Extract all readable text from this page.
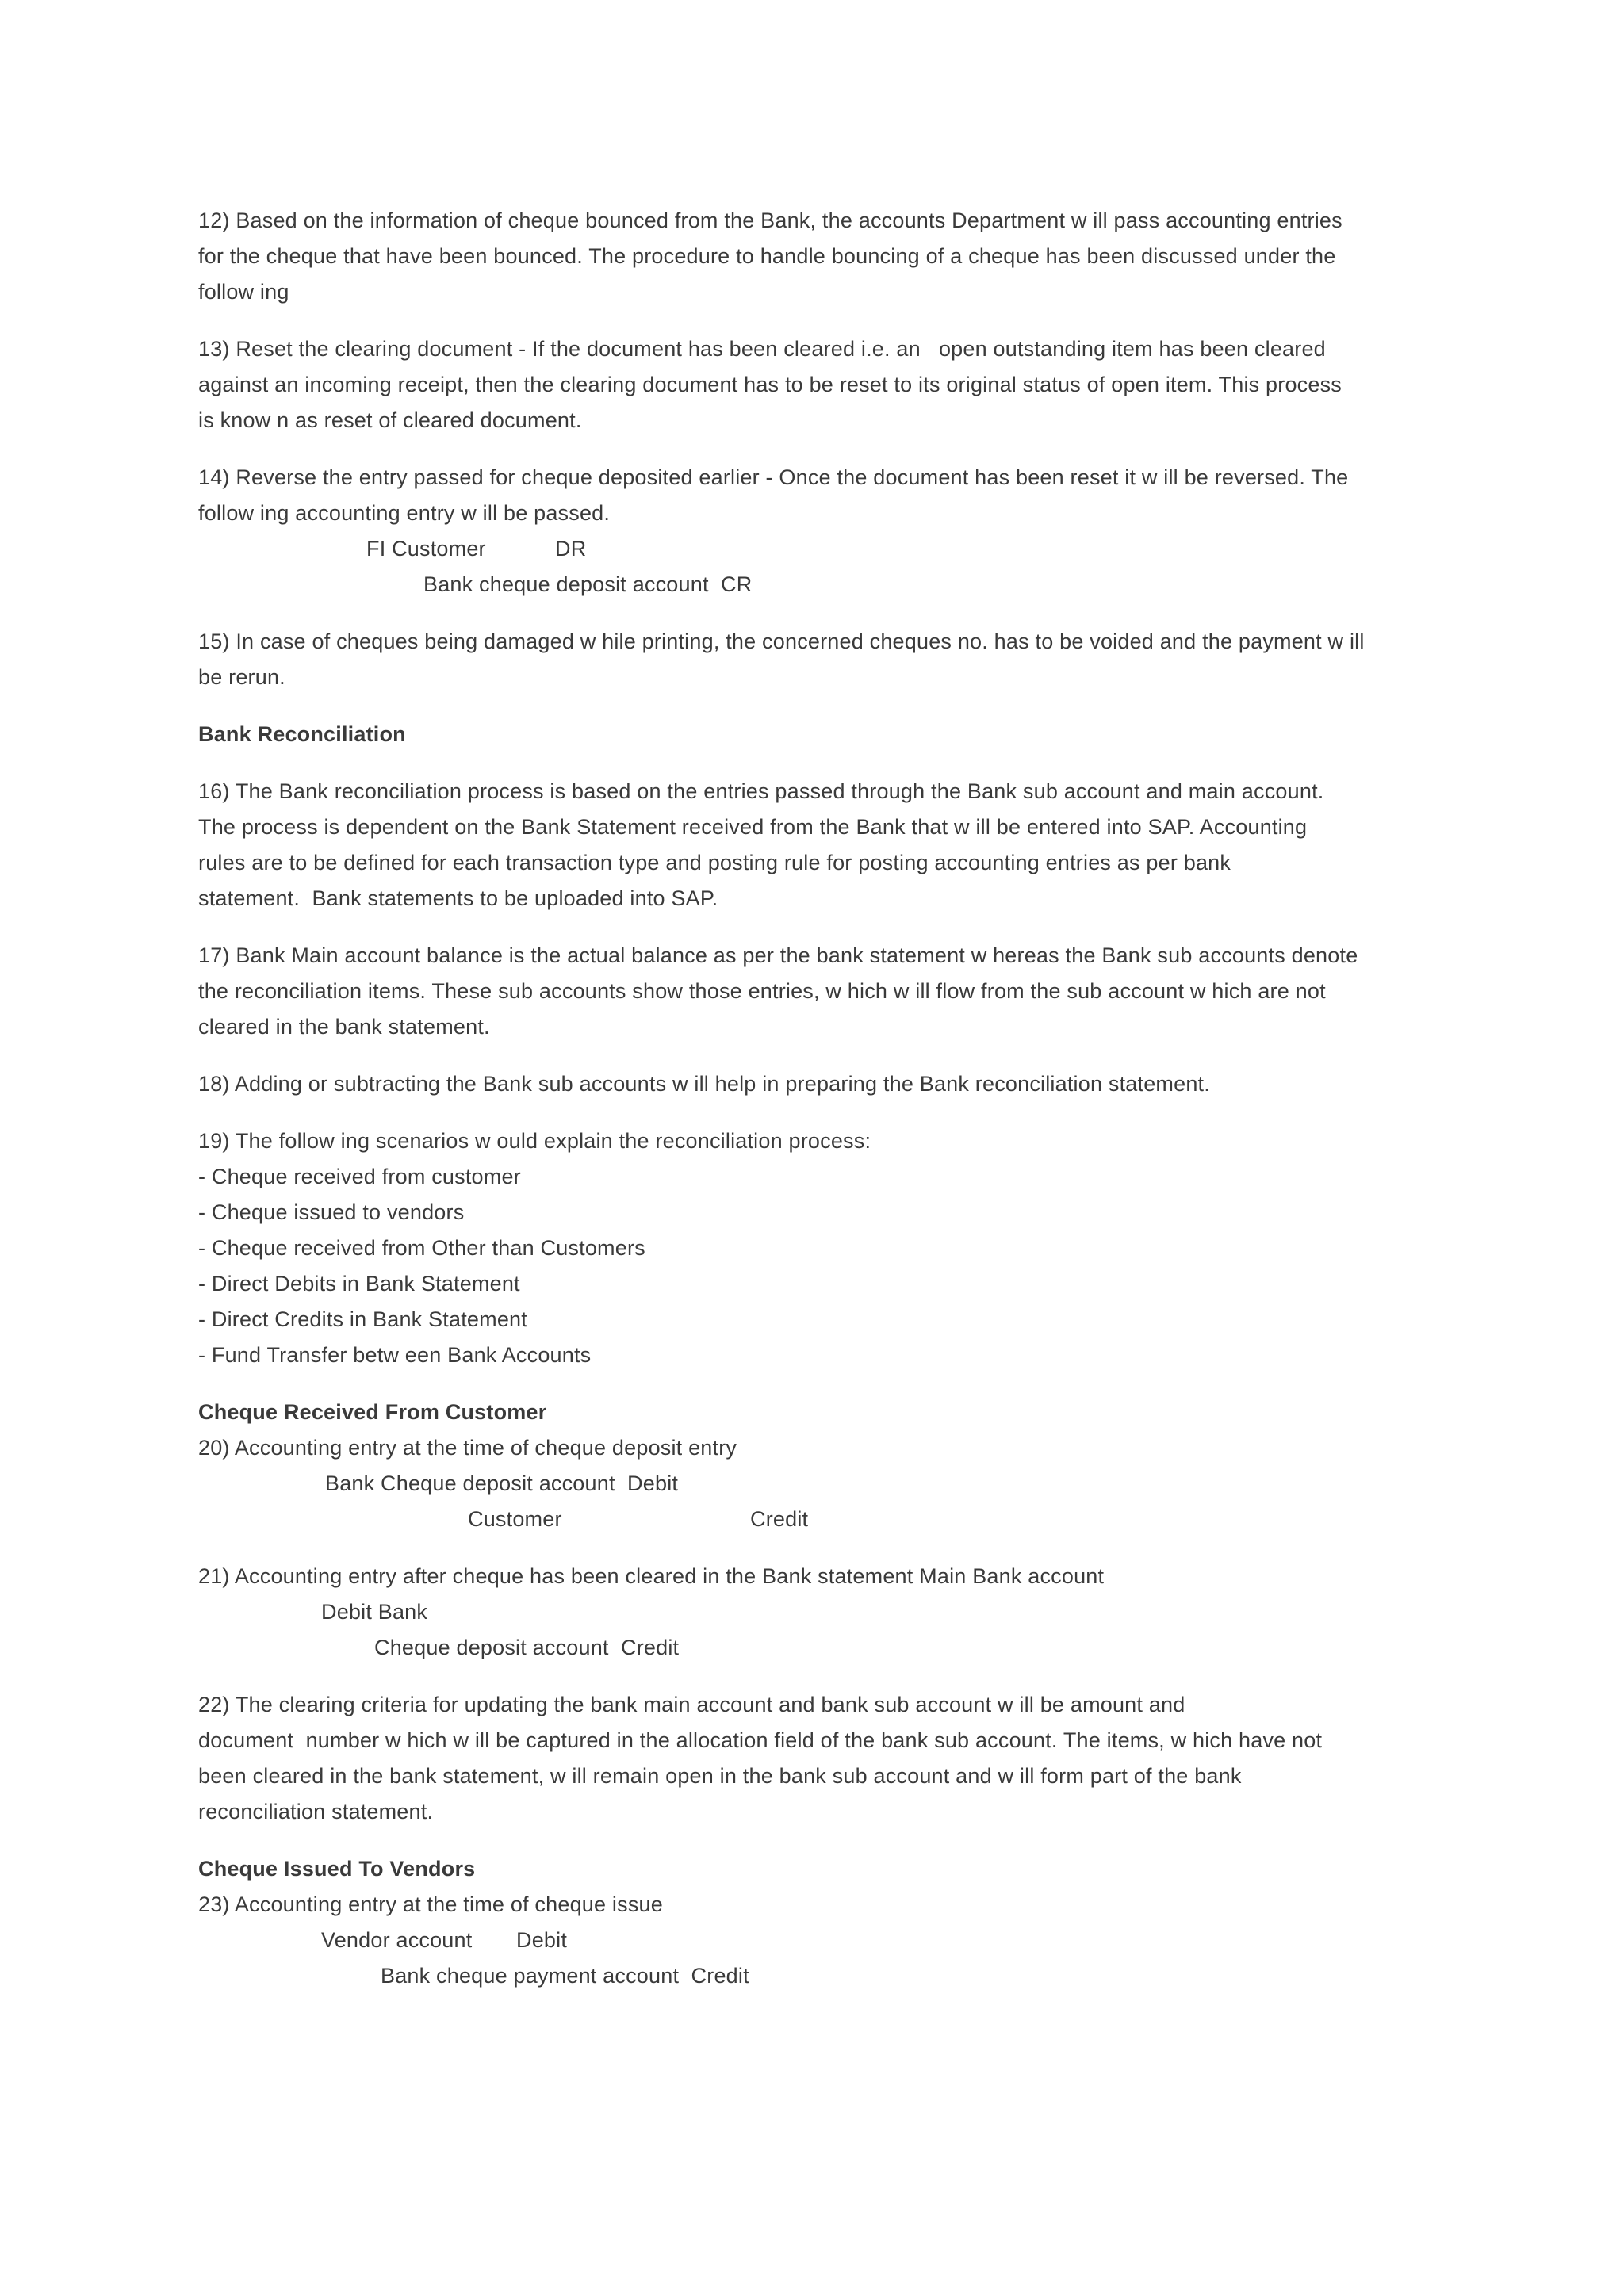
12) Based on the information of cheque bounced from the Bank, the accounts Department w ill pass accounting entries
for the cheque that have been bounced. The procedure to handle bouncing of a cheque has been discussed under the
follow ing
13) Reset the clearing document - If the document has been cleared i.e. an   open outstanding item has been cleared
against an incoming receipt, then the clearing document has to be reset to its original status of open item. This process
is know n as reset of cleared document.
14) Reverse the entry passed for cheque deposited earlier - Once the document has been reset it w ill be reversed. The
follow ing accounting entry w ill be passed.
FI Customer	DR
Bank cheque deposit account  CR
15) In case of cheques being damaged w hile printing, the concerned cheques no. has to be voided and the payment w ill
be rerun.
Bank Reconciliation
16) The Bank reconciliation process is based on the entries passed through the Bank sub account and main account.
The process is dependent on the Bank Statement received from the Bank that w ill be entered into SAP. Accounting
rules are to be defined for each transaction type and posting rule for posting accounting entries as per bank
statement.  Bank statements to be uploaded into SAP.
17) Bank Main account balance is the actual balance as per the bank statement w hereas the Bank sub accounts denote
the reconciliation items. These sub accounts show those entries, w hich w ill flow from the sub account w hich are not
cleared in the bank statement.
18) Adding or subtracting the Bank sub accounts w ill help in preparing the Bank reconciliation statement.
19) The follow ing scenarios w ould explain the reconciliation process:
- Cheque received from customer
- Cheque issued to vendors
- Cheque received from Other than Customers
- Direct Debits in Bank Statement
- Direct Credits in Bank Statement
- Fund Transfer betw een Bank Accounts
Cheque Received From Customer
20) Accounting entry at the time of cheque deposit entry
Bank Cheque deposit account  Debit
Customer	Credit
21) Accounting entry after cheque has been cleared in the Bank statement Main Bank account
Debit Bank
Cheque deposit account  Credit
22) The clearing criteria for updating the bank main account and bank sub account w ill be amount and
document  number w hich w ill be captured in the allocation field of the bank sub account. The items, w hich have not
been cleared in the bank statement, w ill remain open in the bank sub account and w ill form part of the bank
reconciliation statement.
Cheque Issued To Vendors
23) Accounting entry at the time of cheque issue
Vendor account Debit
Bank cheque payment account  Credit
